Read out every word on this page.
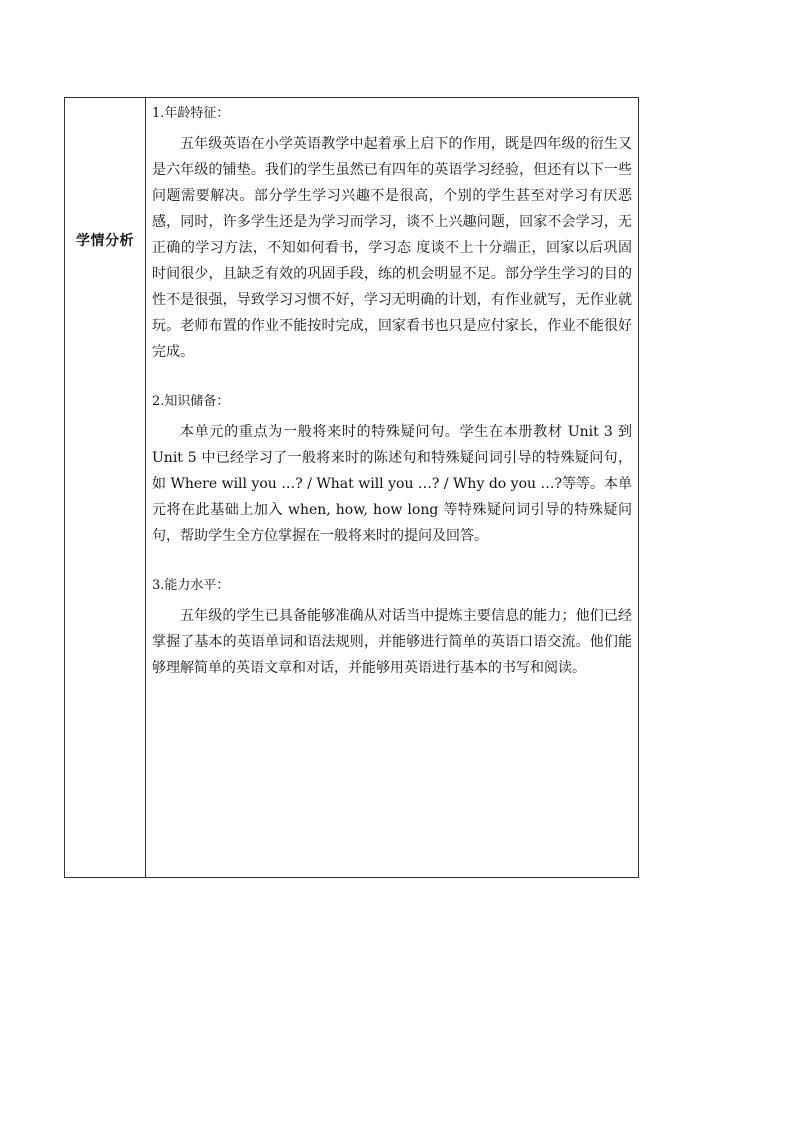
学情分析

1.年龄特征：

五年级英语在小学英语教学中起着承上启下的作用，既是四年级的衍生又是六年级的铺垫。我们的学生虽然已有四年的英语学习经验，但还有以下一些问题需要解决。部分学生学习兴趣不是很高，个别的学生甚至对学习有厌恶感，同时，许多学生还是为学习而学习，谈不上兴趣问题，回家不会学习，无正确的学习方法，不知如何看书，学习态 度谈不上十分端正，回家以后巩固时间很少，且缺乏有效的巩固手段，练的机会明显不足。部分学生学习的目的性不是很强，导致学习习惯不好，学习无明确的计划，有作业就写，无作业就玩。老师布置的作业不能按时完成，回家看书也只是应付家长，作业不能很好完成。

2.知识储备：

本单元的重点为一般将来时的特殊疑问句。学生在本册教材 Unit 3 到 Unit 5 中已经学习了一般将来时的陈述句和特殊疑问词引导的特殊疑问句，如 Where will you …? / What will you …? / Why do you …?等等。本单元将在此基础上加入 when, how, how long 等特殊疑问词引导的特殊疑问句，帮助学生全方位掌握在一般将来时的提问及回答。

3.能力水平：

五年级的学生已具备能够准确从对话当中提炼主要信息的能力；他们已经掌握了基本的英语单词和语法规则，并能够进行简单的英语口语交流。他们能够理解简单的英语文章和对话，并能够用英语进行基本的书写和阅读。
